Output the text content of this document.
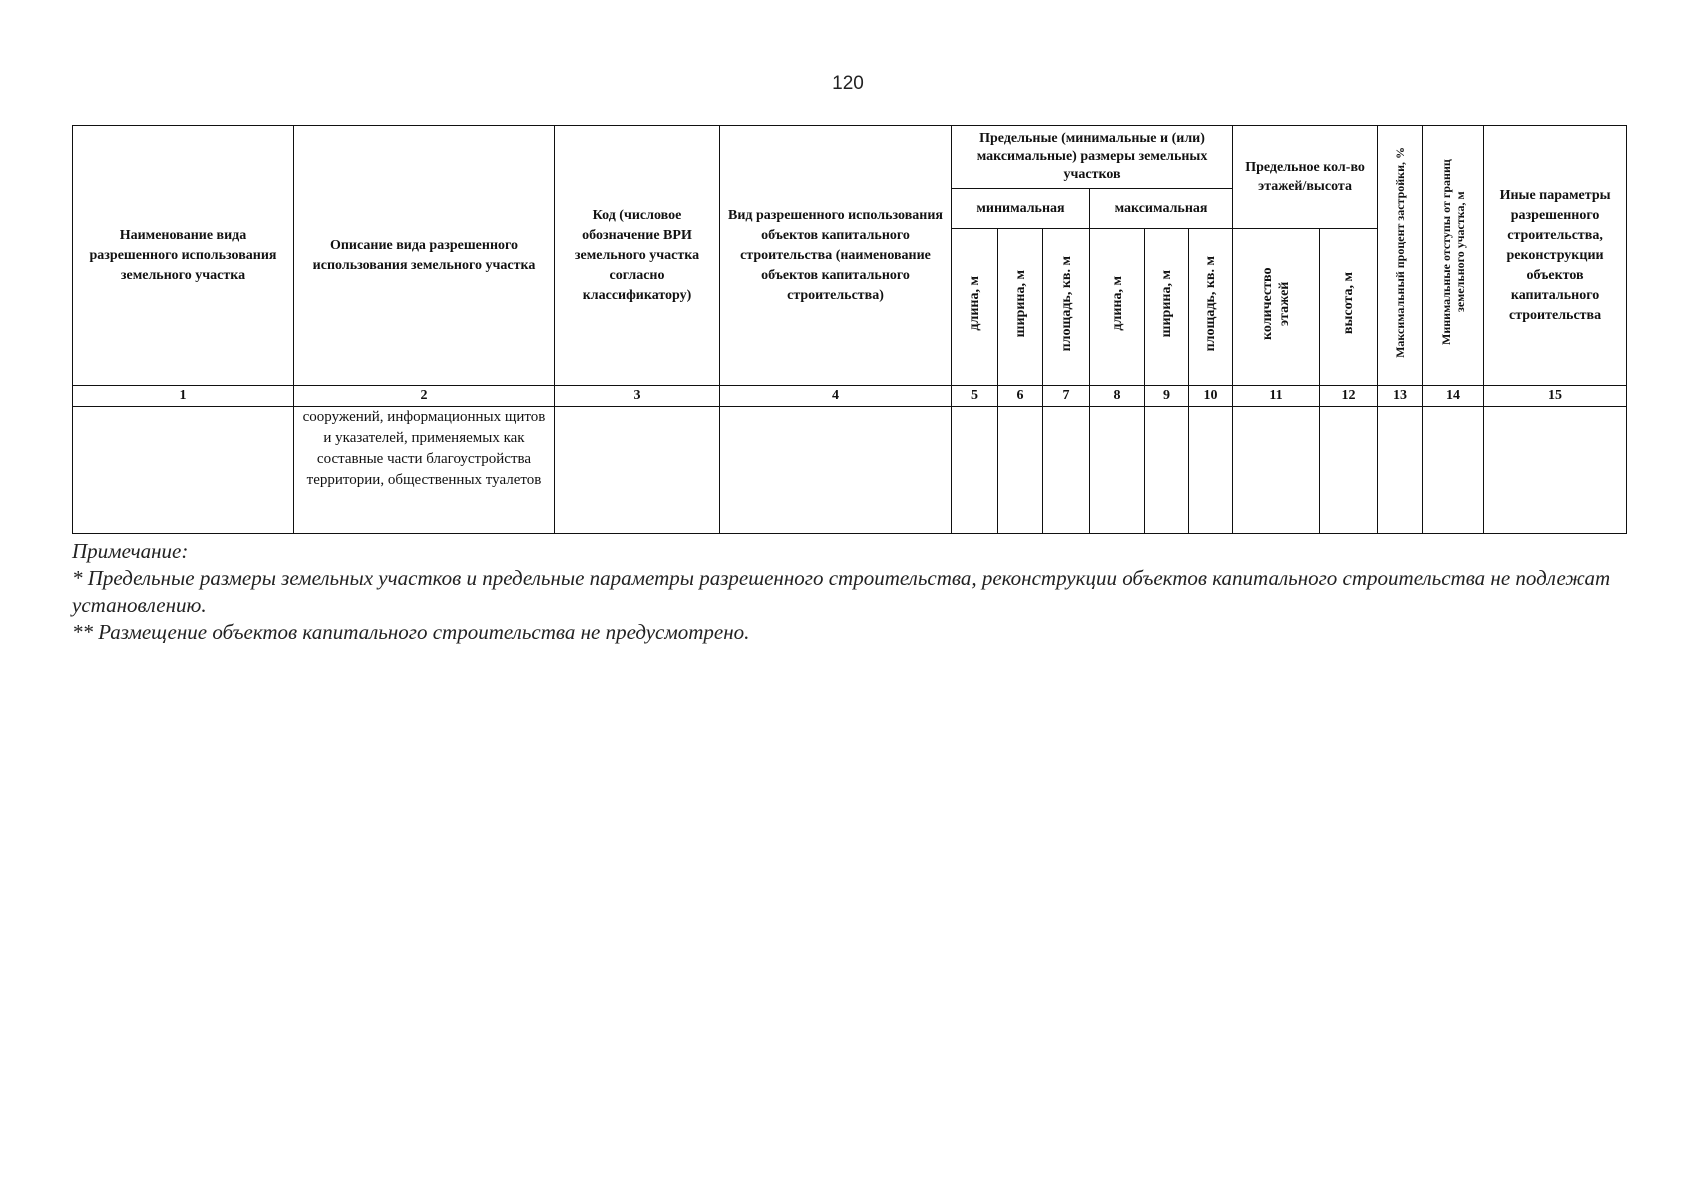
120
Наименование вида разрешенного использования земельного участка	Описание вида разрешенного использования земельного участка	Код (числовое обозначение ВРИ земельного участка согласно классификатору)	Вид разрешенного использования объектов капитального строительства (наименование объектов капитального строительства)	Предельные (минимальные и (или) максимальные) размеры земельных участков						Предельное кол-во этажей/высота		Максимальный процент застройки, %	Минимальные отступы от границ земельного участка, м	Иные параметры разрешенного строительства, реконструкции объектов капитального строительства
				минимальная			максимальная							
				длина, м	ширина, м	площадь, кв. м	длина, м	ширина, м	площадь, кв. м	количество этажей	высота, м			
1	2	3	4	5	6	7	8	9	10	11	12	13	14	15
	сооружений, информационных щитов и указателей, применяемых как составные части благоустройства территории, общественных туалетов													
Примечание:
* Предельные размеры земельных участков и предельные параметры разрешенного строительства, реконструкции объектов капитального строительства не подлежат установлению.
** Размещение объектов капитального строительства не предусмотрено.
